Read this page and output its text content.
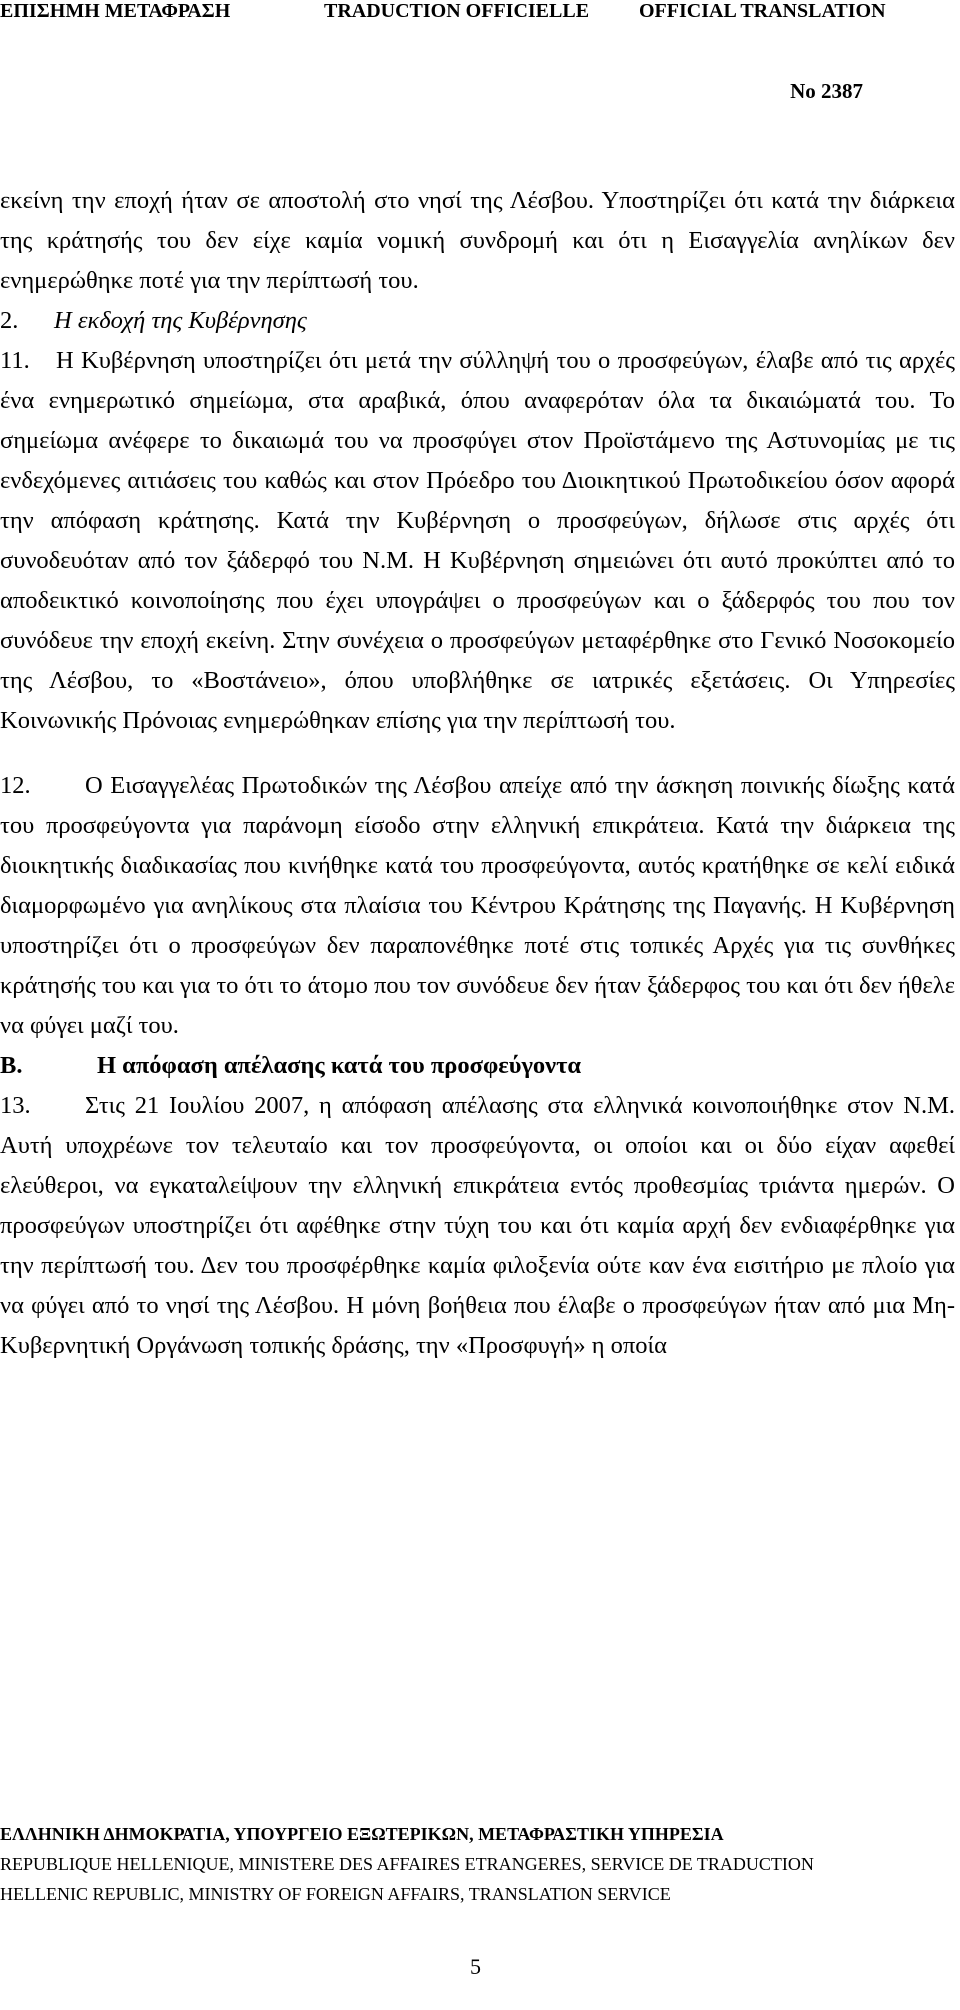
ΕΠΙΣΗΜΗ ΜΕΤΑΦΡΑΣΗ	TRADUCTION OFFICIELLE OFFICIAL TRANSLATION
No 2387

εκείνη την εποχή ήταν σε αποστολή στο νησί της Λέσβου. Υποστηρίζει ότι κατά την διάρκεια της κράτησής του δεν είχε καμία νομική συνδρομή και ότι η Εισαγγελία ανηλίκων δεν ενημερώθηκε ποτέ για την περίπτωσή του.

2. Η εκδοχή της Κυβέρνησης

11. Η Κυβέρνηση υποστηρίζει ότι μετά την σύλληψή του ο προσφεύγων, έλαβε από τις αρχές ένα ενημερωτικό σημείωμα, στα αραβικά, όπου αναφερόταν όλα τα δικαιώματά του. Το σημείωμα ανέφερε το δικαιωμά του να προσφύγει στον Προϊστάμενο της Αστυνομίας με τις ενδεχόμενες αιτιάσεις του καθώς και στον Πρόεδρο του Διοικητικού Πρωτοδικείου όσον αφορά την απόφαση κράτησης. Κατά την Κυβέρνηση ο προσφεύγων, δήλωσε στις αρχές ότι συνοδευόταν από τον ξάδερφό του Ν.Μ. Η Κυβέρνηση σημειώνει ότι αυτό προκύπτει από το αποδεικτικό κοινοποίησης που έχει υπογράψει ο προσφεύγων και ο ξάδερφός του που τον συνόδευε την εποχή εκείνη. Στην συνέχεια ο προσφεύγων μεταφέρθηκε στο Γενικό Νοσοκομείο της Λέσβου, το «Βοστάνειο», όπου υποβλήθηκε σε ιατρικές εξετάσεις. Οι Υπηρεσίες Κοινωνικής Πρόνοιας ενημερώθηκαν επίσης για την περίπτωσή του.

12. Ο Εισαγγελέας Πρωτοδικών της Λέσβου απείχε από την άσκηση ποινικής δίωξης κατά του προσφεύγοντα για παράνομη είσοδο στην ελληνική επικράτεια. Κατά την διάρκεια της διοικητικής διαδικασίας που κινήθηκε κατά του προσφεύγοντα, αυτός κρατήθηκε σε κελί ειδικά διαμορφωμένο για ανηλίκους στα πλαίσια του Κέντρου Κράτησης της Παγανής. Η Κυβέρνηση υποστηρίζει ότι ο προσφεύγων δεν παραπονέθηκε ποτέ στις τοπικές Αρχές για τις συνθήκες κράτησής του και για το ότι το άτομο που τον συνόδευε δεν ήταν ξάδερφος του και ότι δεν ήθελε να φύγει μαζί του.

B.	Η απόφαση απέλασης κατά του προσφεύγοντα

13. Στις 21 Ιουλίου 2007, η απόφαση απέλασης στα ελληνικά κοινοποιήθηκε στον Ν.Μ. Αυτή υποχρέωνε τον τελευταίο και τον προσφεύγοντα, οι οποίοι και οι δύο είχαν αφεθεί ελεύθεροι, να εγκαταλείψουν την ελληνική επικράτεια εντός προθεσμίας τριάντα ημερών. Ο προσφεύγων υποστηρίζει ότι αφέθηκε στην τύχη του και ότι καμία αρχή δεν ενδιαφέρθηκε για την περίπτωσή του. Δεν του προσφέρθηκε καμία φιλοξενία ούτε καν ένα εισιτήριο με πλοίο για να φύγει από το νησί της Λέσβου. Η μόνη βοήθεια που έλαβε ο προσφεύγων ήταν από μια Μη-Κυβερνητική Οργάνωση τοπικής δράσης, την «Προσφυγή» η οποία

ΕΛΛΗΝΙΚΗ ΔΗΜΟΚΡΑΤΙΑ, ΥΠΟΥΡΓΕΙΟ ΕΞΩΤΕΡΙΚΩΝ, ΜΕΤΑΦΡΑΣΤΙΚΗ ΥΠΗΡΕΣΙΑ
REPUBLIQUE HELLENIQUE, MINISTERE DES AFFAIRES ETRANGERES, SERVICE DE TRADUCTION
HELLENIC REPUBLIC, MINISTRY OF FOREIGN AFFAIRS, TRANSLATION SERVICE
5
